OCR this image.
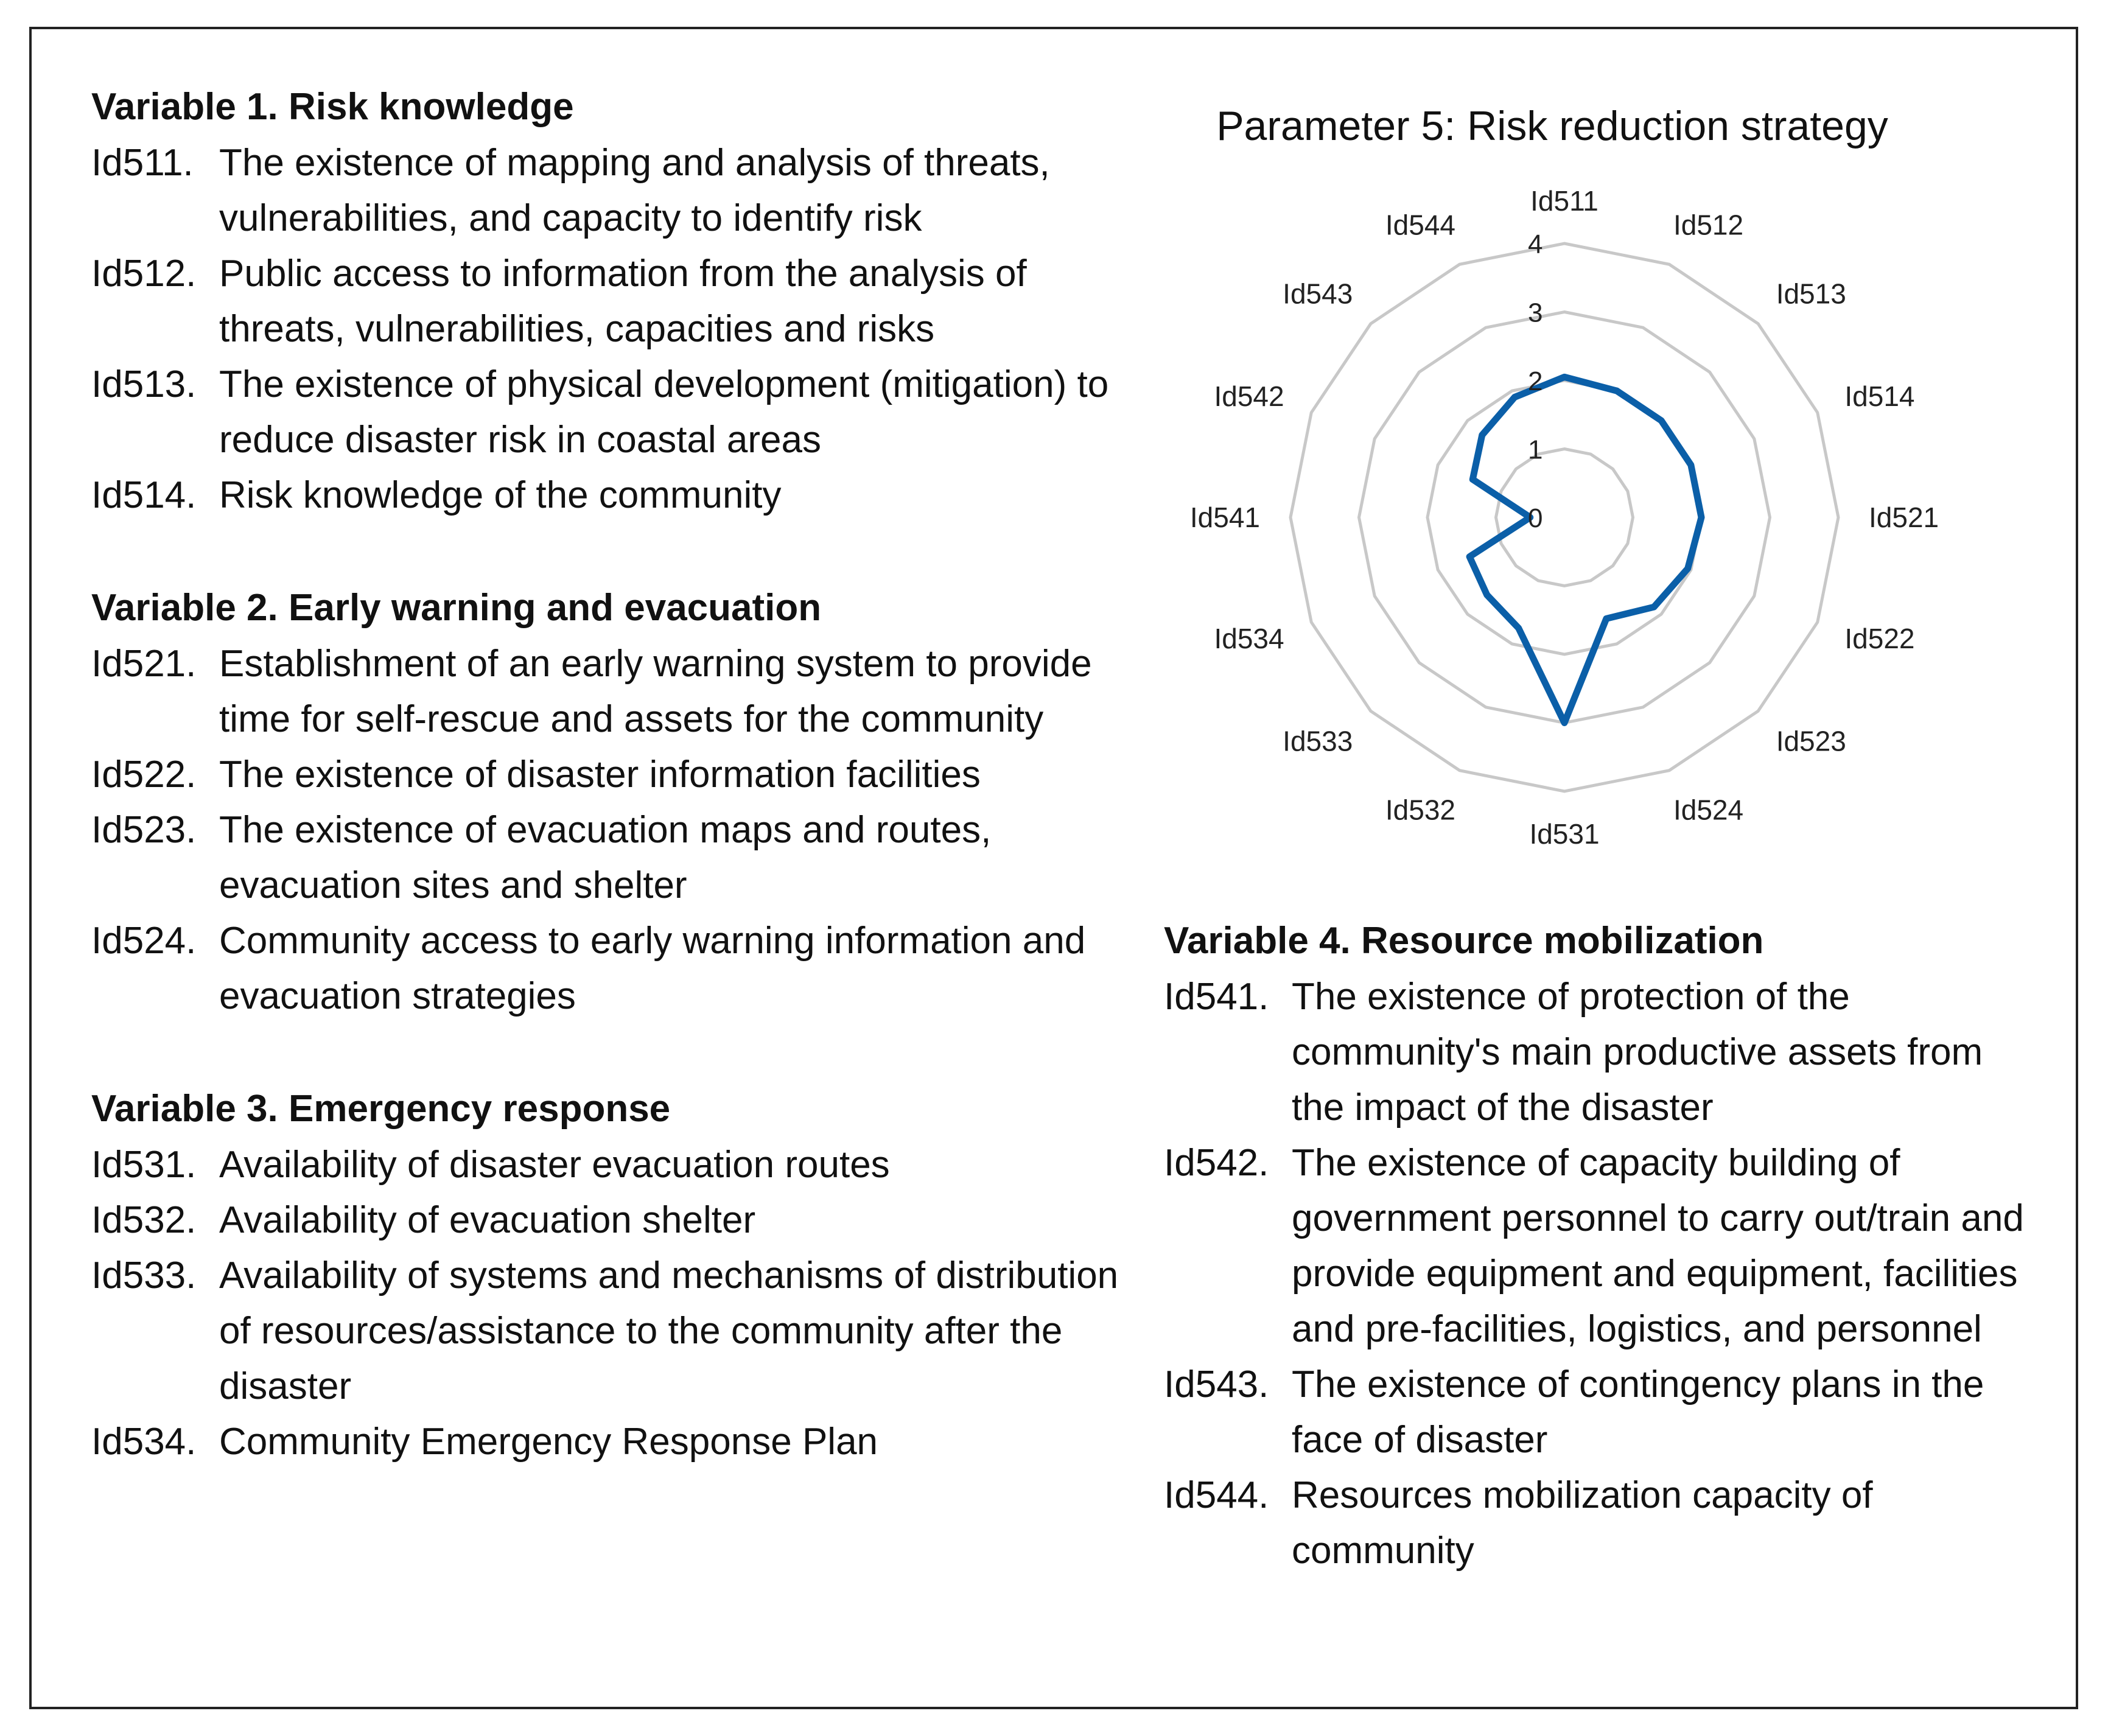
Variable 1. Risk knowledge
Id511. The existence of mapping and analysis of threats, vulnerabilities, and capacity to identify risk
Id512. Public access to information from the analysis of threats, vulnerabilities, capacities and risks
Id513. The existence of physical development (mitigation) to reduce disaster risk in coastal areas
Id514. Risk knowledge of the community
Variable 2. Early warning and evacuation
Id521. Establishment of an early warning system to provide time for self-rescue and assets for the community
Id522. The existence of disaster information facilities
Id523. The existence of evacuation maps and routes, evacuation sites and shelter
Id524. Community access to early warning information and evacuation strategies
Variable 3. Emergency response
Id531. Availability of disaster evacuation routes
Id532. Availability of evacuation shelter
Id533. Availability of systems and mechanisms of distribution of resources/assistance to the community after the disaster
Id534. Community Emergency Response Plan
Variable 4. Resource mobilization
Id541. The existence of protection of the community's main productive assets from the impact of the disaster
Id542. The existence of capacity building of government personnel to carry out/train and provide equipment and equipment, facilities and pre-facilities, logistics, and personnel
Id543. The existence of contingency plans in the face of disaster
Id544. Resources mobilization capacity of community
Parameter 5: Risk reduction strategy
0
1
2
3
4
Id511
Id512
Id513
Id514
Id521
Id522
Id523
Id524
Id531
Id532
Id533
Id534
Id541
Id542
Id543
Id544
